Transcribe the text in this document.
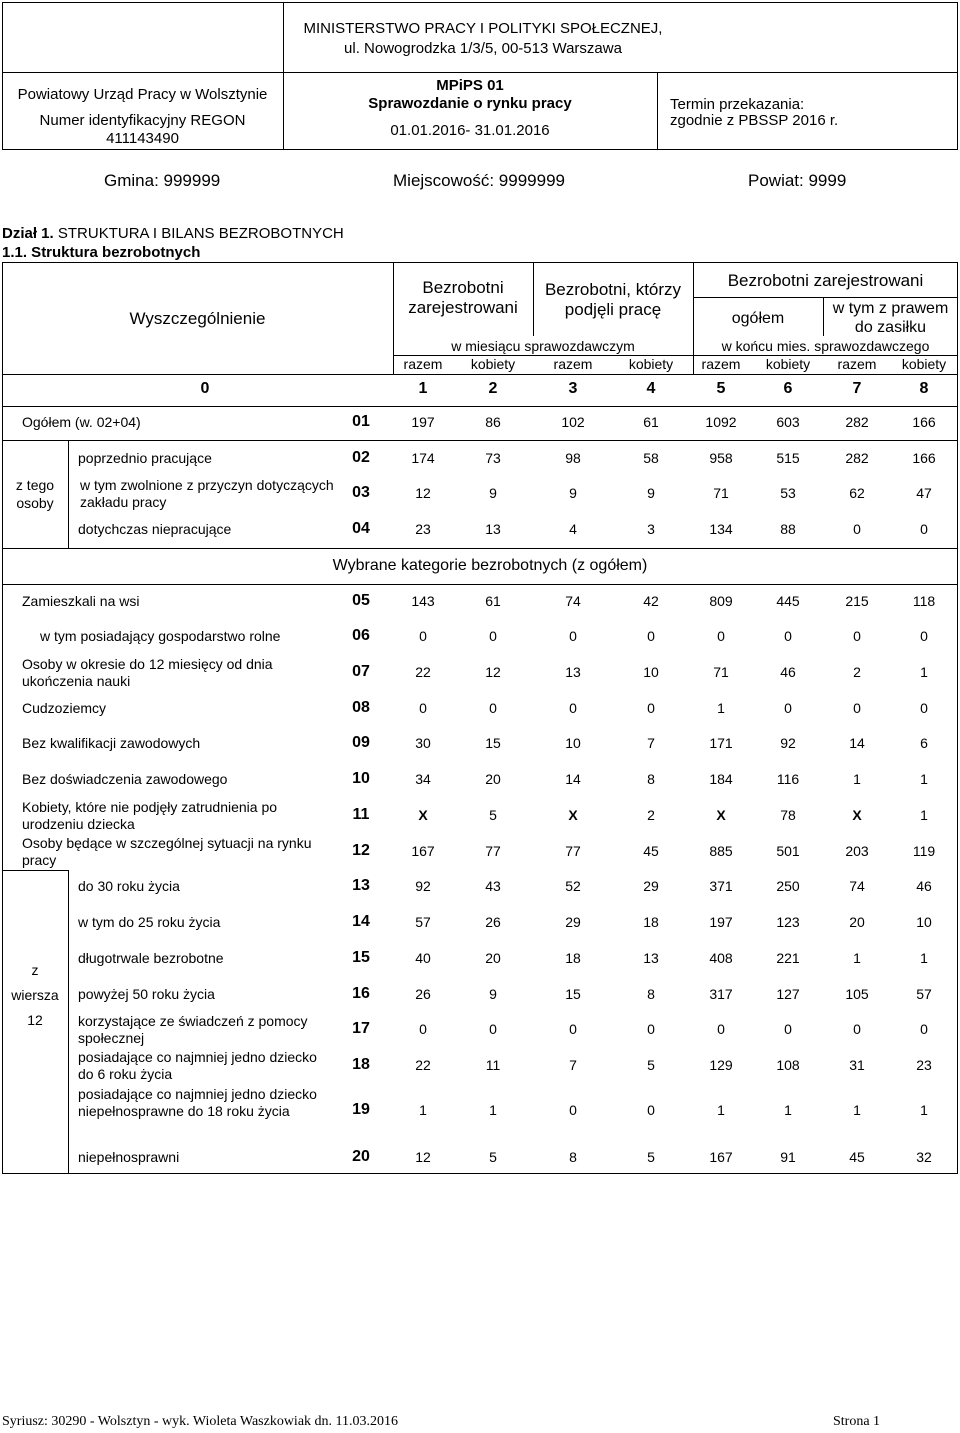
MINISTERSTWO PRACY I POLITYKI SPOŁECZNEJ,
ul. Nowogrodzka 1/3/5, 00-513 Warszawa
Powiatowy Urząd Pracy w Wolsztynie
Numer identyfikacyjny REGON
411143490
MPiPS 01
Sprawozdanie o rynku pracy
01.01.2016- 31.01.2016
Termin przekazania:
zgodnie z PBSSP 2016 r.
Gmina: 999999	Miejscowość: 9999999	Powiat: 9999
Dział 1. STRUKTURA I BILANS BEZROBOTNYCH
1.1. Struktura bezrobotnych
Wyszczególnienie
Bezrobotni
zarejestrowani
Bezrobotni, którzy
podjęli pracę
Bezrobotni zarejestrowani
ogółem
w tym z prawem
do zasiłku
w miesiącu sprawozdawczym	w końcu mies. sprawozdawczego
razem	kobiety	razem	kobiety	razem	kobiety	razem	kobiety
0	1	2	3	4	5	6	7	8
z tego
osoby
z
wiersza
12
Wybrane kategorie bezrobotnych (z ogółem)
Ogółem (w. 02+04)	01	197	86	102	61	1092	603	282	166
poprzednio pracujące	02	174	73	98	58	958	515	282	166
w tym zwolnione z przyczyn dotyczących zakładu pracy
03	12	9	9	9	71	53	62	47
dotychczas niepracujące	04	23	13	4	3	134	88	0	0
Zamieszkali na wsi	05	143	61	74	42	809	445	215	118
w tym posiadający gospodarstwo rolne	06	0	0	0	0	0	0	0	0
Osoby w okresie do 12 miesięcy od dnia ukończenia nauki
07	22	12	13	10	71	46	2	1
Cudzoziemcy	08	0	0	0	0	1	0	0	0
Bez kwalifikacji zawodowych	09	30	15	10	7	171	92	14	6
Bez doświadczenia zawodowego	10	34	20	14	8	184	116	1	1
Kobiety, które nie podjęły zatrudnienia po urodzeniu dziecka
11	X	5	X	2	X	78	X	1
Osoby będące w szczególnej sytuacji na rynku pracy
12	167	77	77	45	885	501	203	119
do 30 roku życia	13	92	43	52	29	371	250	74	46
w tym do 25 roku życia	14	57	26	29	18	197	123	20	10
długotrwale bezrobotne	15	40	20	18	13	408	221	1	1
powyżej 50 roku życia	16	26	9	15	8	317	127	105	57
korzystające ze świadczeń z pomocy społecznej
17	0	0	0	0	0	0	0	0
posiadające co najmniej jedno dziecko do 6 roku życia
18	22	11	7	5	129	108	31	23
posiadające co najmniej jedno dziecko niepełnosprawne do 18 roku życia	19	1	1	0	0	1	1	1	1
niepełnosprawni	20	12	5	8	5	167	91	45	32
Syriusz: 30290 - Wolsztyn - wyk. Wioleta Waszkowiak dn. 11.03.2016	Strona 1
